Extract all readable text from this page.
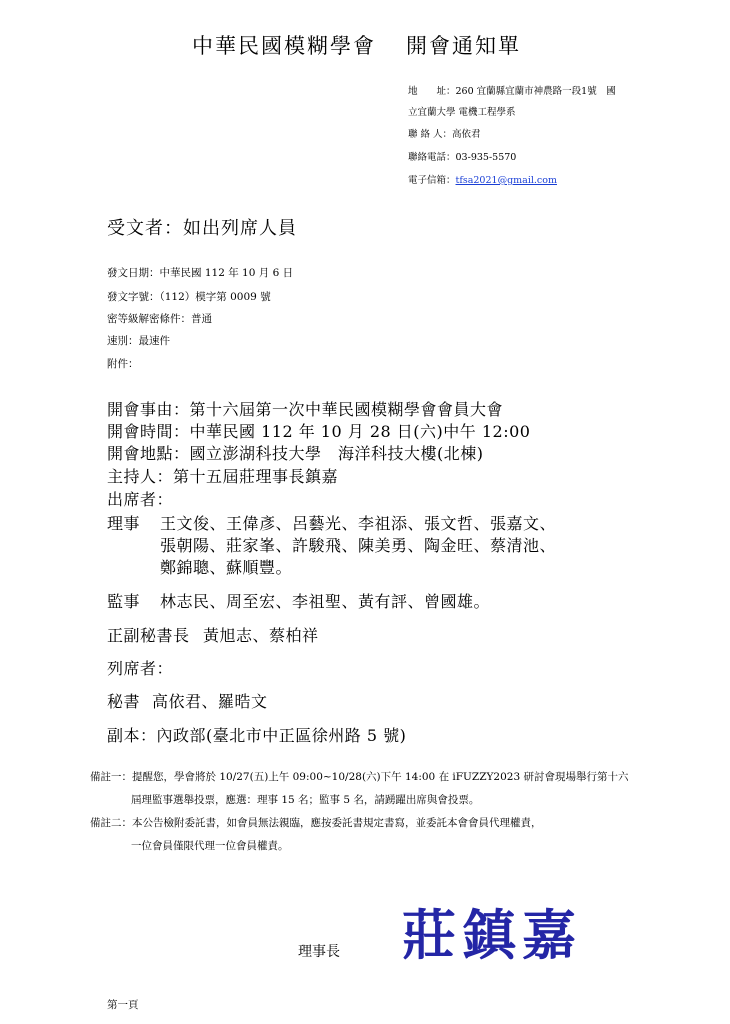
中華民國模糊學會 開會通知單
地　　址：260 宜蘭縣宜蘭市神農路一段1號　國
立宜蘭大學 電機工程學系
聯 絡 人：高依君
聯絡電話：03-935-5570
電子信箱：tfsa2021@gmail.com
受文者：如出列席人員
發文日期：中華民國 112 年 10 月 6 日
發文字號：（112）模字第 0009 號
密等級解密條件：普通
速別：最速件
附件：
開會事由：第十六屆第一次中華民國模糊學會會員大會
開會時間：中華民國 112 年 10 月 28 日(六)中午 12:00
開會地點：國立澎湖科技大學　海洋科技大樓(北棟)
主持人：第十五屆莊理事長鎮嘉
出席者：
理事 王文俊、王偉彥、呂藝光、李祖添、張文哲、張嘉文、
張朝陽、莊家峯、許駿飛、陳美勇、陶金旺、蔡清池、
鄭錦聰、蘇順豐。
監事 林志民、周至宏、李祖聖、黃有評、曾國雄。
正副秘書長 黃旭志、蔡柏祥
列席者：
秘書 高依君、羅晧文
副本：內政部(臺北市中正區徐州路 5 號)
備註一：提醒您，學會將於 10/27(五)上午 09:00~10/28(六)下午 14:00 在 iFUZZY2023 研討會現場舉行第十六
屆理監事選舉投票，應選：理事 15 名；監事 5 名，請踴躍出席與會投票。
備註二：本公告檢附委託書，如會員無法親臨，應按委託書規定書寫，並委託本會會員代理權責，
一位會員僅限代理一位會員權責。
理事長 莊鎮嘉
第一頁
